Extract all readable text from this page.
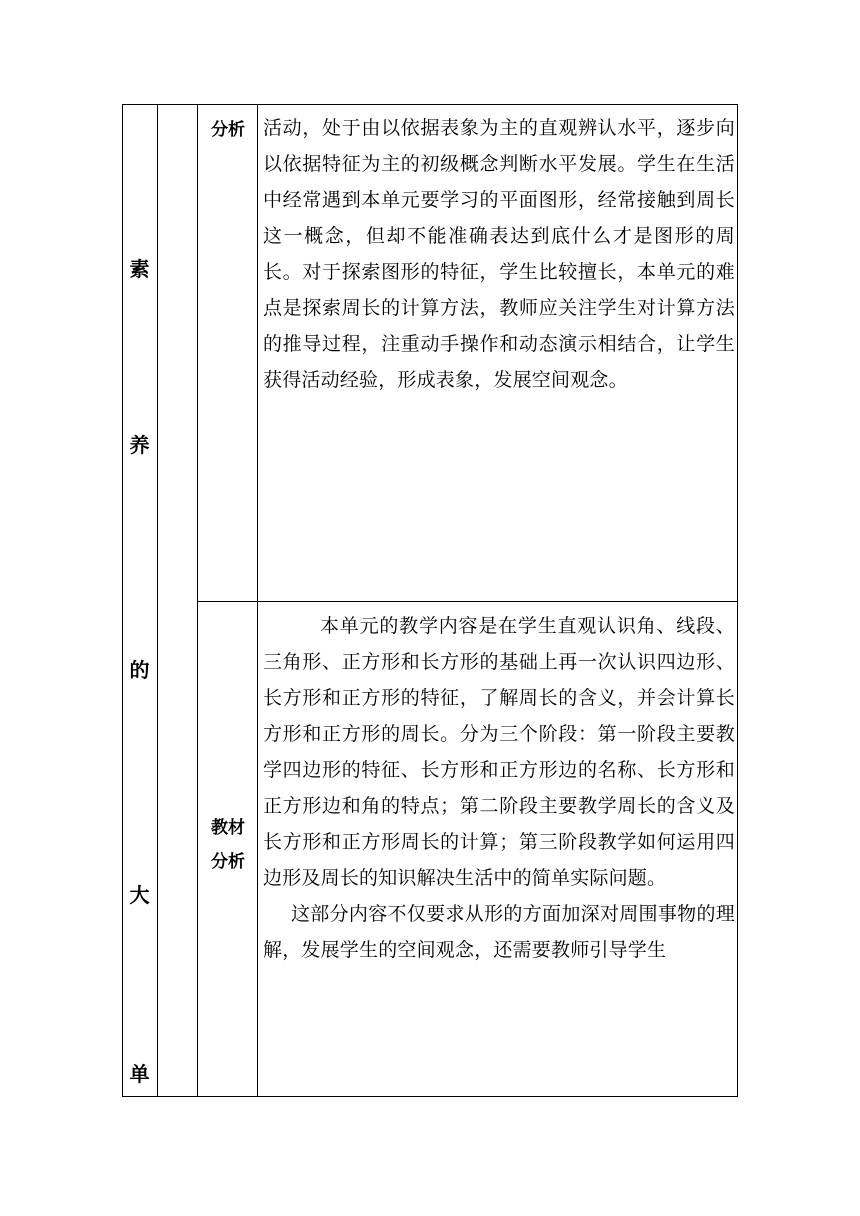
素
养
的
大
单
分析 活动，处于由以依据表象为主的直观辨认水平，逐步向以依据特征为主的初级概念判断水平发展。学生在生活中经常遇到本单元要学习的平面图形，经常接触到周长这一概念，但却不能准确表达到底什么才是图形的周长。对于探索图形的特征，学生比较擅长，本单元的难点是探索周长的计算方法，教师应关注学生对计算方法的推导过程，注重动手操作和动态演示相结合，让学生获得活动经验，形成表象，发展空间观念。

教材
分析

本单元的教学内容是在学生直观认识角、线段、三角形、正方形和长方形的基础上再一次认识四边形、长方形和正方形的特征，了解周长的含义，并会计算长方形和正方形的周长。分为三个阶段：第一阶段主要教学四边形的特征、长方形和正方形边的名称、长方形和正方形边和角的特点；第二阶段主要教学周长的含义及长方形和正方形周长的计算；第三阶段教学如何运用四边形及周长的知识解决生活中的简单实际问题。

这部分内容不仅要求从形的方面加深对周围事物的理解，发展学生的空间观念，还需要教师引导学生
